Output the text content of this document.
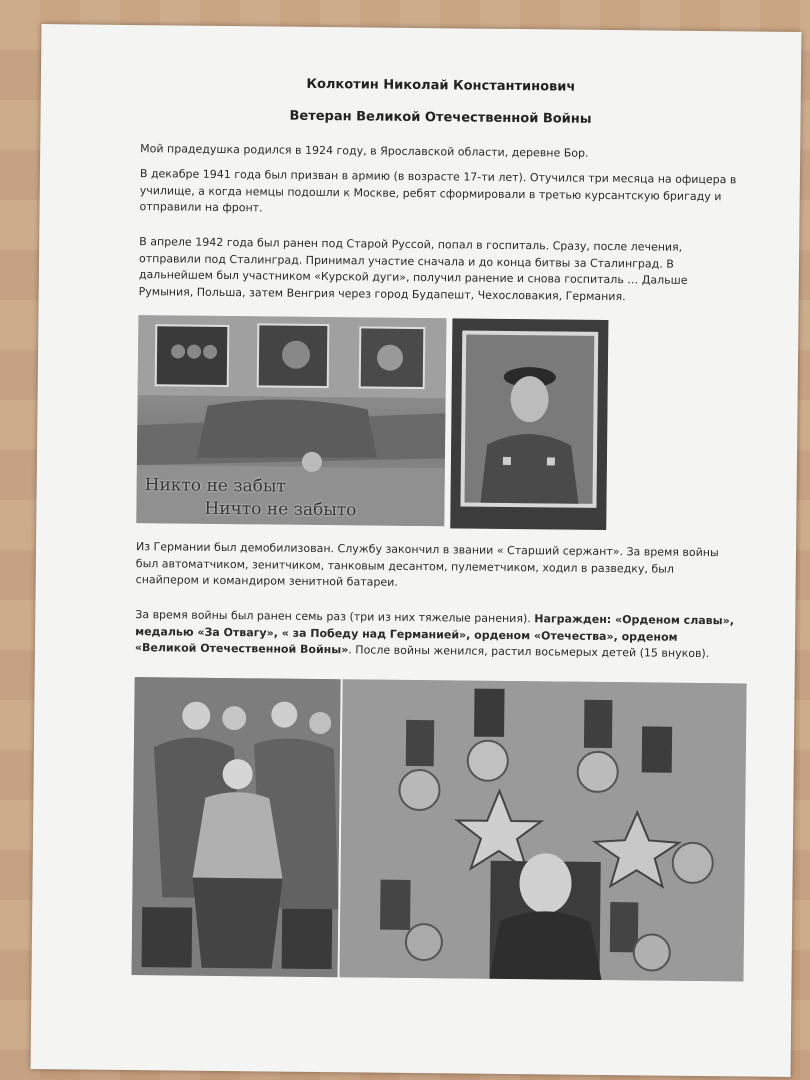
Колкотин Николай Константинович
Ветеран Великой Отечественной Войны

Мой прадедушка родился в 1924 году, в Ярославской области, деревне Бор.

В декабре 1941 года был призван в армию (в возрасте 17-ти лет). Отучился три месяца на офицера в училище, а когда немцы подошли к Москве, ребят сформировали в третью курсантскую бригаду и отправили на фронт.

В апреле 1942 года был ранен под Старой Руссой, попал в госпиталь. Сразу, после лечения, отправили под Сталинград. Принимал участие сначала и до конца битвы за Сталинград. В дальнейшем был участником «Курской дуги», получил ранение и снова госпиталь … Дальше Румыния, Польша, затем Венгрия через город Будапешт, Чехословакия, Германия.

Никто не забыт
Ничто не забыто

Из Германии был демобилизован. Службу закончил в звании « Старший сержант». За время войны был автоматчиком, зенитчиком, танковым десантом, пулеметчиком, ходил в разведку, был снайпером и командиром зенитной батареи.

За время войны был ранен семь раз (три из них тяжелые ранения). Награжден: «Орденом славы», медалью «За Отвагу», « за Победу над Германией», орденом «Отечества», орденом «Великой Отечественной Войны». После войны женился, растил восьмерых детей (15 внуков).
